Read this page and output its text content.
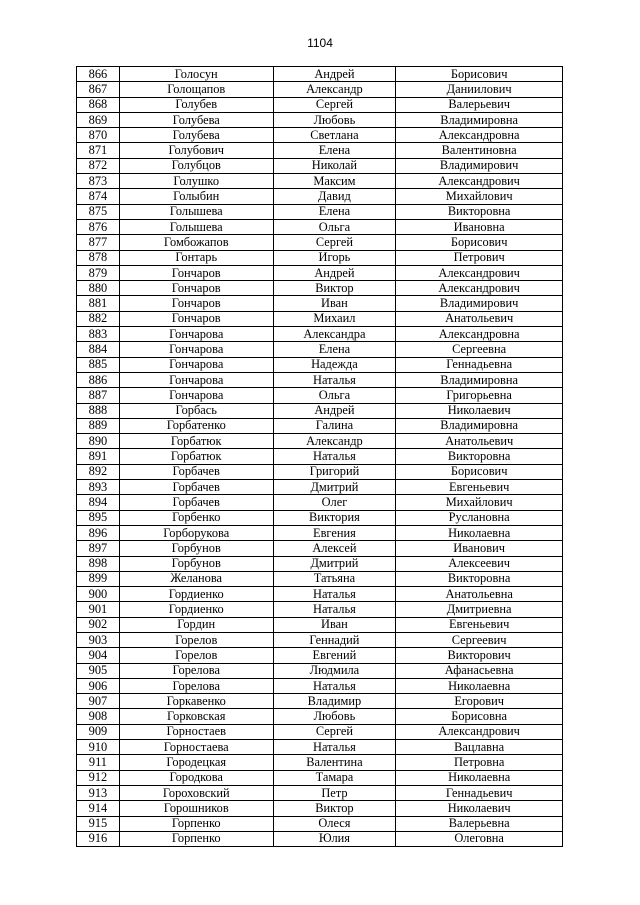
1104
866	Голосун	Андрей	Борисович
867	Голощапов	Александр	Даниилович
868	Голубев	Сергей	Валерьевич
869	Голубева	Любовь	Владимировна
870	Голубева	Светлана	Александровна
871	Голубович	Елена	Валентиновна
872	Голубцов	Николай	Владимирович
873	Голушко	Максим	Александрович
874	Голыбин	Давид	Михайлович
875	Голышева	Елена	Викторовна
876	Голышева	Ольга	Ивановна
877	Гомбожапов	Сергей	Борисович
878	Гонтарь	Игорь	Петрович
879	Гончаров	Андрей	Александрович
880	Гончаров	Виктор	Александрович
881	Гончаров	Иван	Владимирович
882	Гончаров	Михаил	Анатольевич
883	Гончарова	Александра	Александровна
884	Гончарова	Елена	Сергеевна
885	Гончарова	Надежда	Геннадьевна
886	Гончарова	Наталья	Владимировна
887	Гончарова	Ольга	Григорьевна
888	Горбась	Андрей	Николаевич
889	Горбатенко	Галина	Владимировна
890	Горбатюк	Александр	Анатольевич
891	Горбатюк	Наталья	Викторовна
892	Горбачев	Григорий	Борисович
893	Горбачев	Дмитрий	Евгеньевич
894	Горбачев	Олег	Михайлович
895	Горбенко	Виктория	Руслановна
896	Горборукова	Евгения	Николаевна
897	Горбунов	Алексей	Иванович
898	Горбунов	Дмитрий	Алексеевич
899	Желанова	Татьяна	Викторовна
900	Гордиенко	Наталья	Анатольевна
901	Гордиенко	Наталья	Дмитриевна
902	Гордин	Иван	Евгеньевич
903	Горелов	Геннадий	Сергеевич
904	Горелов	Евгений	Викторович
905	Горелова	Людмила	Афанасьевна
906	Горелова	Наталья	Николаевна
907	Горкавенко	Владимир	Егорович
908	Горковская	Любовь	Борисовна
909	Горностаев	Сергей	Александрович
910	Горностаева	Наталья	Вацлавна
911	Городецкая	Валентина	Петровна
912	Городкова	Тамара	Николаевна
913	Гороховский	Петр	Геннадьевич
914	Горошников	Виктор	Николаевич
915	Горпенко	Олеся	Валерьевна
916	Горпенко	Юлия	Олеговна
